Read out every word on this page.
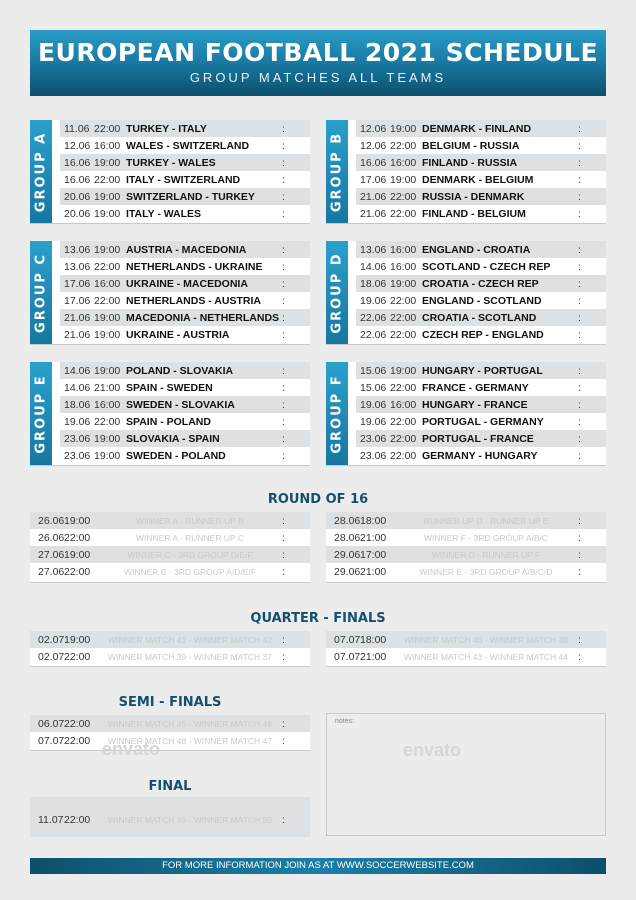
EUROPEAN FOOTBALL 2021 SCHEDULE
GROUP MATCHES ALL TEAMS
GROUP A
11.06 22:00 TURKEY - ITALY	:
12.06 16:00 WALES - SWITZERLAND	:
16.06 19:00 TURKEY - WALES	:
16.06 22:00 ITALY - SWITZERLAND	:
20.06 19:00 SWITZERLAND - TURKEY	:
20.06 19:00 ITALY - WALES	:
GROUP B
12.06 19:00 DENMARK - FINLAND	:
12.06 22:00 BELGIUM - RUSSIA	:
16.06 16:00 FINLAND - RUSSIA	:
17.06 19:00 DENMARK - BELGIUM	:
21.06 22:00 RUSSIA - DENMARK	:
21.06 22:00 FINLAND - BELGIUM	:
GROUP C
13.06 19:00 AUSTRIA - MACEDONIA	:
13.06 22:00 NETHERLANDS - UKRAINE	:
17.06 16:00 UKRAINE - MACEDONIA	:
17.06 22:00 NETHERLANDS - AUSTRIA	:
21.06 19:00 MACEDONIA - NETHERLANDS :
21.06 19:00 UKRAINE - AUSTRIA	:
GROUP D
13.06 16:00 ENGLAND - CROATIA	:
14.06 16:00 SCOTLAND - CZECH REP	:
18.06 19:00 CROATIA - CZECH REP	:
19.06 22:00 ENGLAND - SCOTLAND	:
22.06 22:00 CROATIA - SCOTLAND	:
22.06 22:00 CZECH REP - ENGLAND	:
GROUP E
14.06 19:00 POLAND - SLOVAKIA	:
14.06 21:00 SPAIN - SWEDEN	:
18.06 16:00 SWEDEN - SLOVAKIA	:
19.06 22:00 SPAIN - POLAND	:
23.06 19:00 SLOVAKIA - SPAIN	:
23.06 19:00 SWEDEN - POLAND	:
GROUP F
15.06 19:00 HUNGARY - PORTUGAL	:
15.06 22:00 FRANCE - GERMANY	:
19.06 16:00 HUNGARY - FRANCE	:
19.06 22:00 PORTUGAL - GERMANY	:
23.06 22:00 PORTUGAL - FRANCE	:
23.06 22:00 GERMANY - HUNGARY	:
ROUND OF 16
26.06 19:00	WINNER A - RUNNER UP B	:
26.06 22:00	WINNER A - RUNNER UP C	:
27.06 19:00	WINNER C - 3RD GROUP D/E/F	:
27.06 22:00	WINNER B - 3RD GROUP A/D/E/F	:
28.06 18:00	RUNNER UP D - RUNNER UP E	:
28.06 21:00	WINNER F - 3RD GROUP A/B/C	:
29.06 17:00	WINNER D - RUNNER UP F	:
29.06 21:00	WINNER E - 3RD GROUP A/B/C/D	:
QUARTER - FINALS
02.07 19:00	WINNER MATCH 41 - WINNER MATCH 42 :
02.07 22:00	WINNER MATCH 39 - WINNER MATCH 37 :
07.07 18:00	WINNER MATCH 40 - WINNER MATCH 38 :
07.07 21:00	WINNER MATCH 43 - WINNER MATCH 44 :
SEMI - FINALS
06.07 22:00	WINNER MATCH 45 - WINNER MATCH 46 :
07.07 22:00	WINNER MATCH 48 - WINNER MATCH 47 :
FINAL
11.07 22:00	WINNER MATCH 49 - WINNER MATCH 50 :
envato
notes:
envato
FOR MORE INFORMATION JOIN AS AT WWW.SOCCERWEBSITE.COM
